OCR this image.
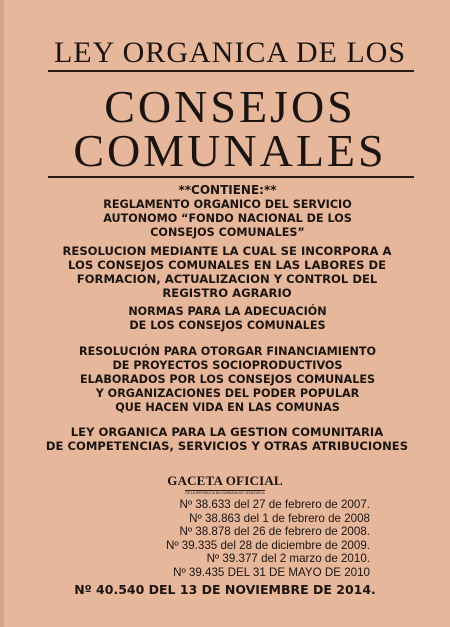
LEY ORGANICA DE LOS
CONSEJOS
COMUNALES
**CONTIENE:**
REGLAMENTO ORGANICO DEL SERVICIO
AUTONOMO “FONDO NACIONAL DE LOS
CONSEJOS COMUNALES”
RESOLUCION MEDIANTE LA CUAL SE INCORPORA A
LOS CONSEJOS COMUNALES EN LAS LABORES DE
FORMACION, ACTUALIZACION Y CONTROL DEL
REGISTRO AGRARIO
NORMAS PARA LA ADECUACIÓN
DE LOS CONSEJOS COMUNALES
RESOLUCIÓN PARA OTORGAR FINANCIAMIENTO
DE PROYECTOS SOCIOPRODUCTIVOS
ELABORADOS POR LOS CONSEJOS COMUNALES
Y ORGANIZACIONES DEL PODER POPULAR
QUE HACEN VIDA EN LAS COMUNAS
LEY ORGANICA PARA LA GESTION COMUNITARIA
DE COMPETENCIAS, SERVICIOS Y OTRAS ATRIBUCIONES
GACETA OFICIAL
DE LA REPUBLICA BOLIVARIANA DE VENEZUELA
Nº 38.633 del 27 de febrero de 2007.
Nº 38.863 del 1 de febrero de 2008
Nº 38.878 del 26 de febrero de 2008.
Nº 39.335 del 28 de diciembre de 2009.
Nº 39.377 del 2 marzo de 2010.
Nº 39.435 DEL 31 DE MAYO DE 2010
Nº 40.540 DEL 13 DE NOVIEMBRE DE 2014.
